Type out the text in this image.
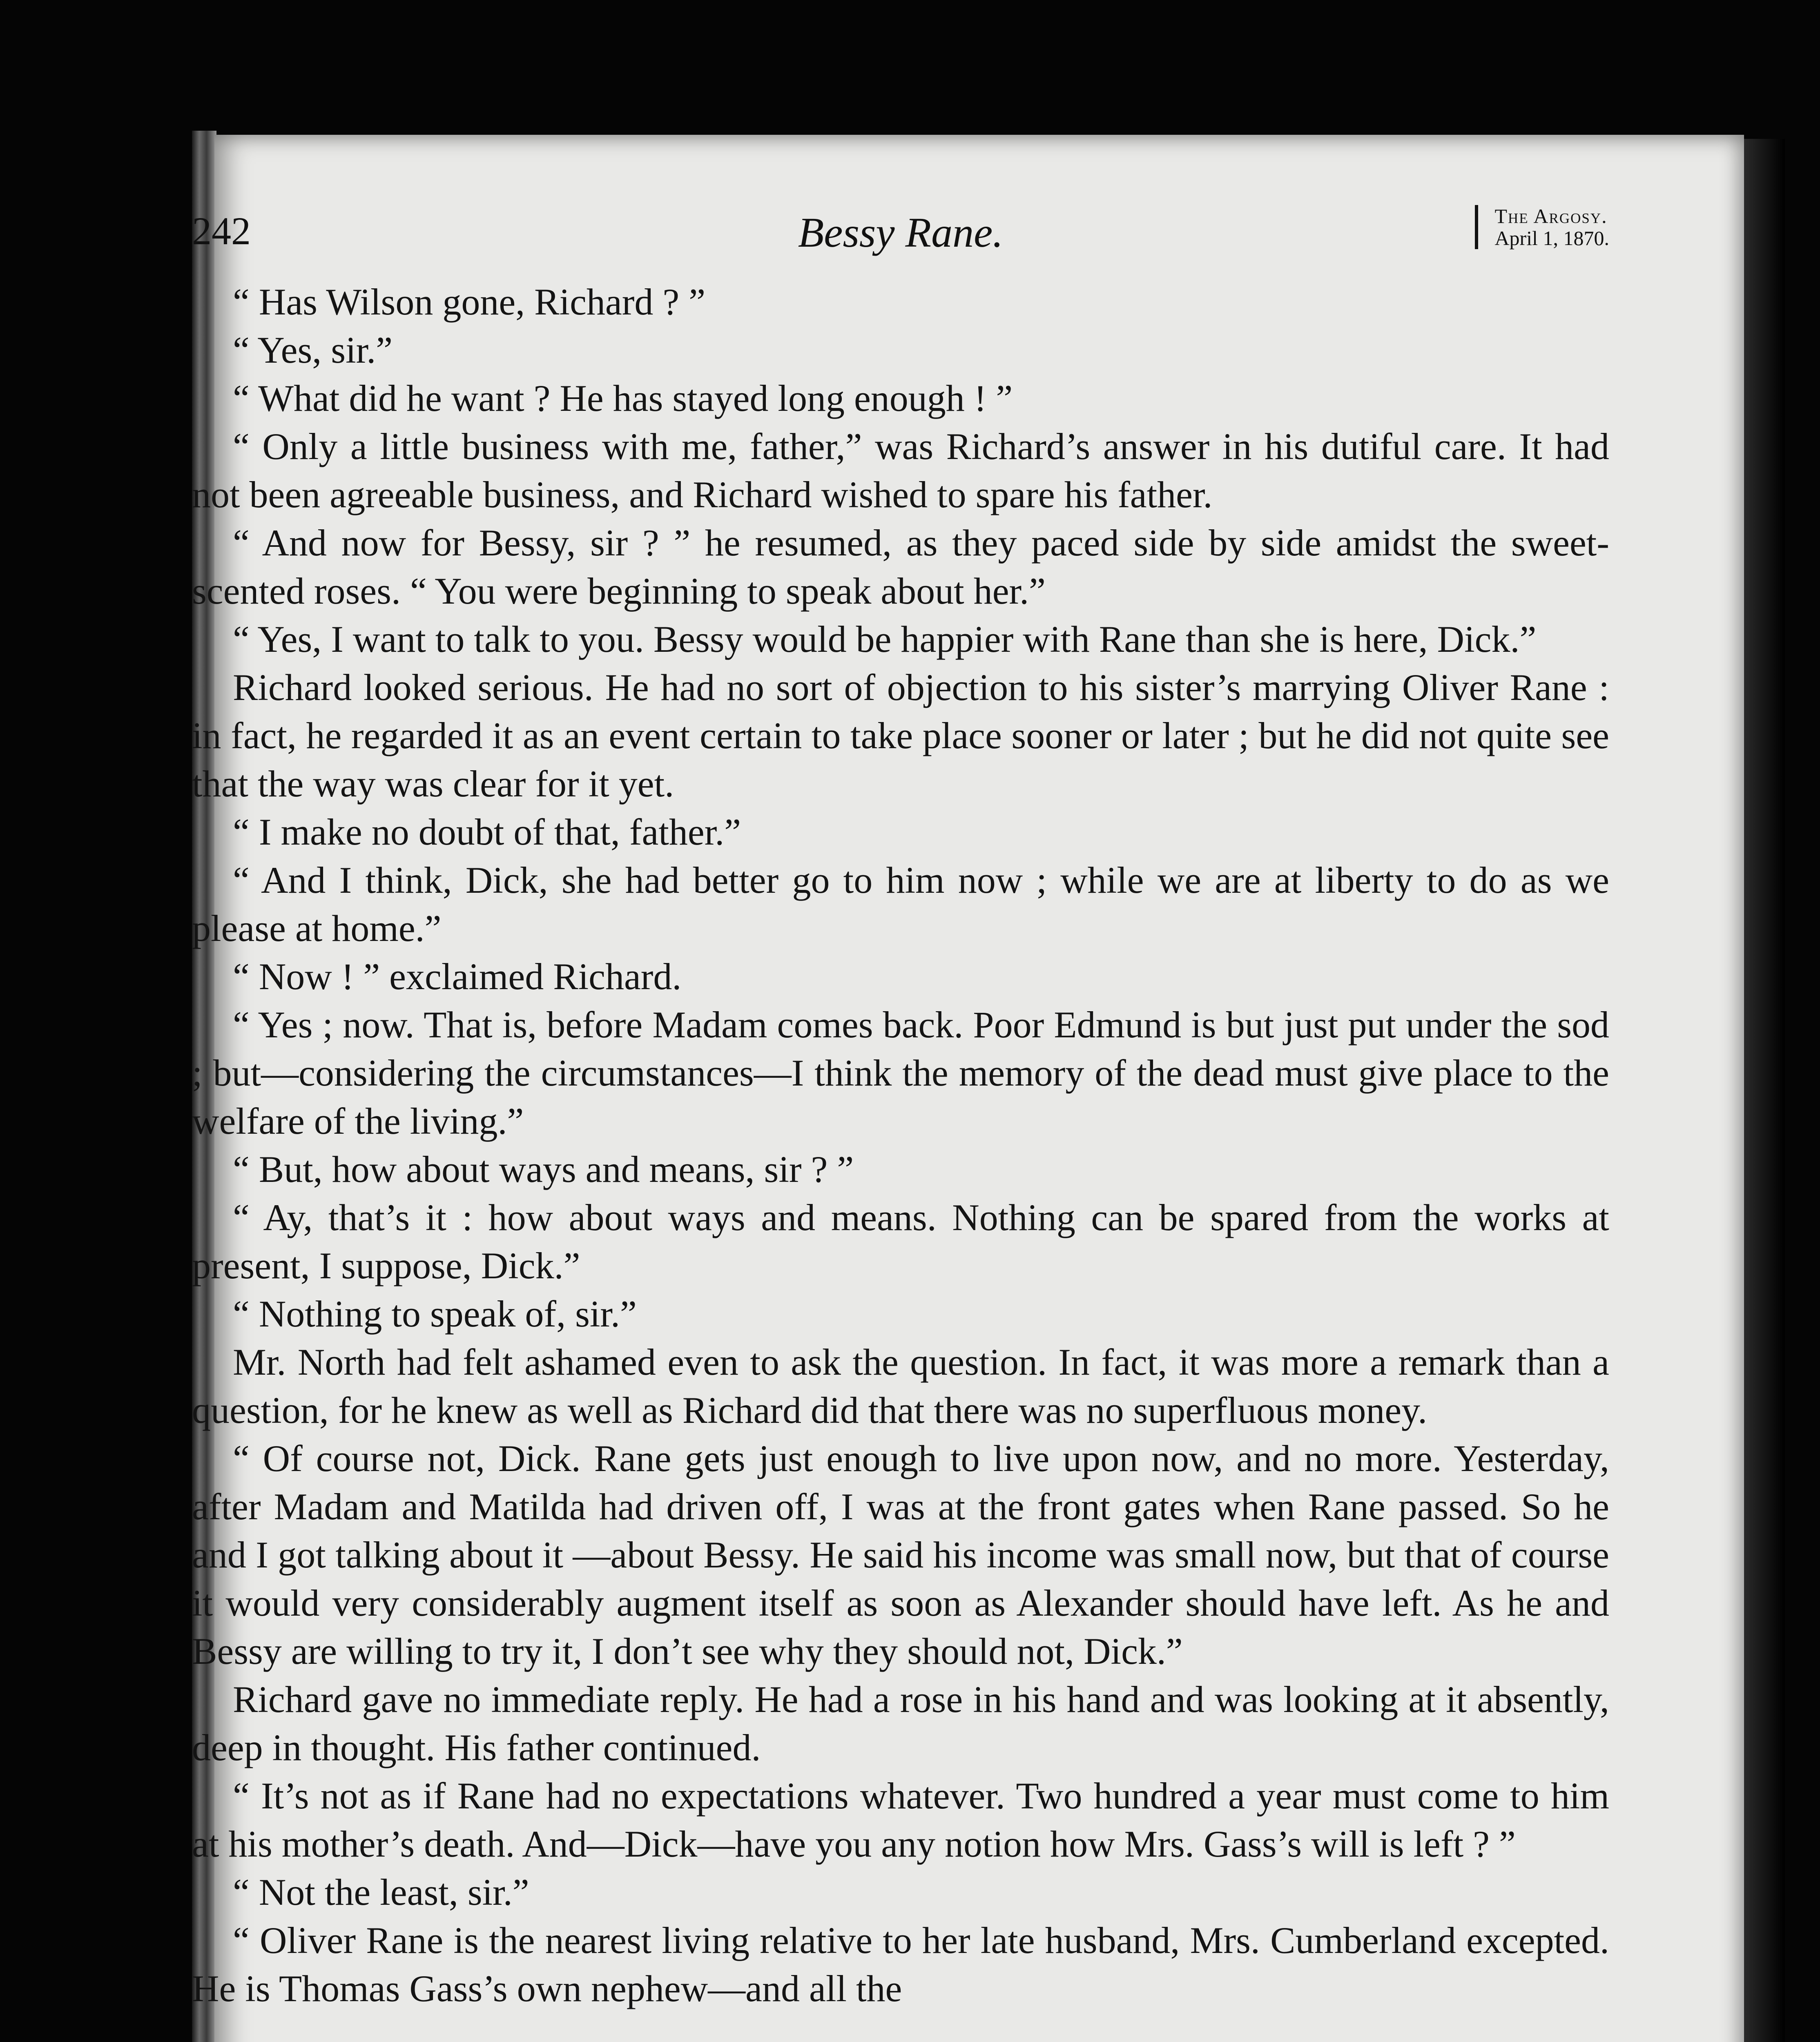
242	Bessy Rane.	The Argosy.
April 1, 1870.

“ Has Wilson gone, Richard ? ”

“ Yes, sir.”

“ What did he want ? He has stayed long enough ! ”

“ Only a little business with me, father,” was Richard’s answer in his dutiful care. It had not been agreeable business, and Richard wished to spare his father.

“ And now for Bessy, sir ? ” he resumed, as they paced side by side amidst the sweet-scented roses. “ You were beginning to speak about her.”

“ Yes, I want to talk to you. Bessy would be happier with Rane than she is here, Dick.”

Richard looked serious. He had no sort of objection to his sister’s marrying Oliver Rane : in fact, he regarded it as an event certain to take place sooner or later ; but he did not quite see that the way was clear for it yet.

“ I make no doubt of that, father.”

“ And I think, Dick, she had better go to him now ; while we are at liberty to do as we please at home.”

“ Now ! ” exclaimed Richard.

“ Yes ; now. That is, before Madam comes back. Poor Edmund is but just put under the sod ; but—considering the circumstances—I think the memory of the dead must give place to the welfare of the living.”

“ But, how about ways and means, sir ? ”

“ Ay, that’s it : how about ways and means. Nothing can be spared from the works at present, I suppose, Dick.”

“ Nothing to speak of, sir.”

Mr. North had felt ashamed even to ask the question. In fact, it was more a remark than a question, for he knew as well as Richard did that there was no superfluous money.

“ Of course not, Dick. Rane gets just enough to live upon now, and no more. Yesterday, after Madam and Matilda had driven off, I was at the front gates when Rane passed. So he and I got talking about it —about Bessy. He said his income was small now, but that of course it would very considerably augment itself as soon as Alexander should have left. As he and Bessy are willing to try it, I don’t see why they should not, Dick.”

Richard gave no immediate reply. He had a rose in his hand and was looking at it absently, deep in thought. His father continued.

“ It’s not as if Rane had no expectations whatever. Two hundred a year must come to him at his mother’s death. And—Dick—have you any notion how Mrs. Gass’s will is left ? ”

“ Not the least, sir.”

“ Oliver Rane is the nearest living relative to her late husband, Mrs. Cumberland excepted. He is Thomas Gass’s own nephew—and all the
